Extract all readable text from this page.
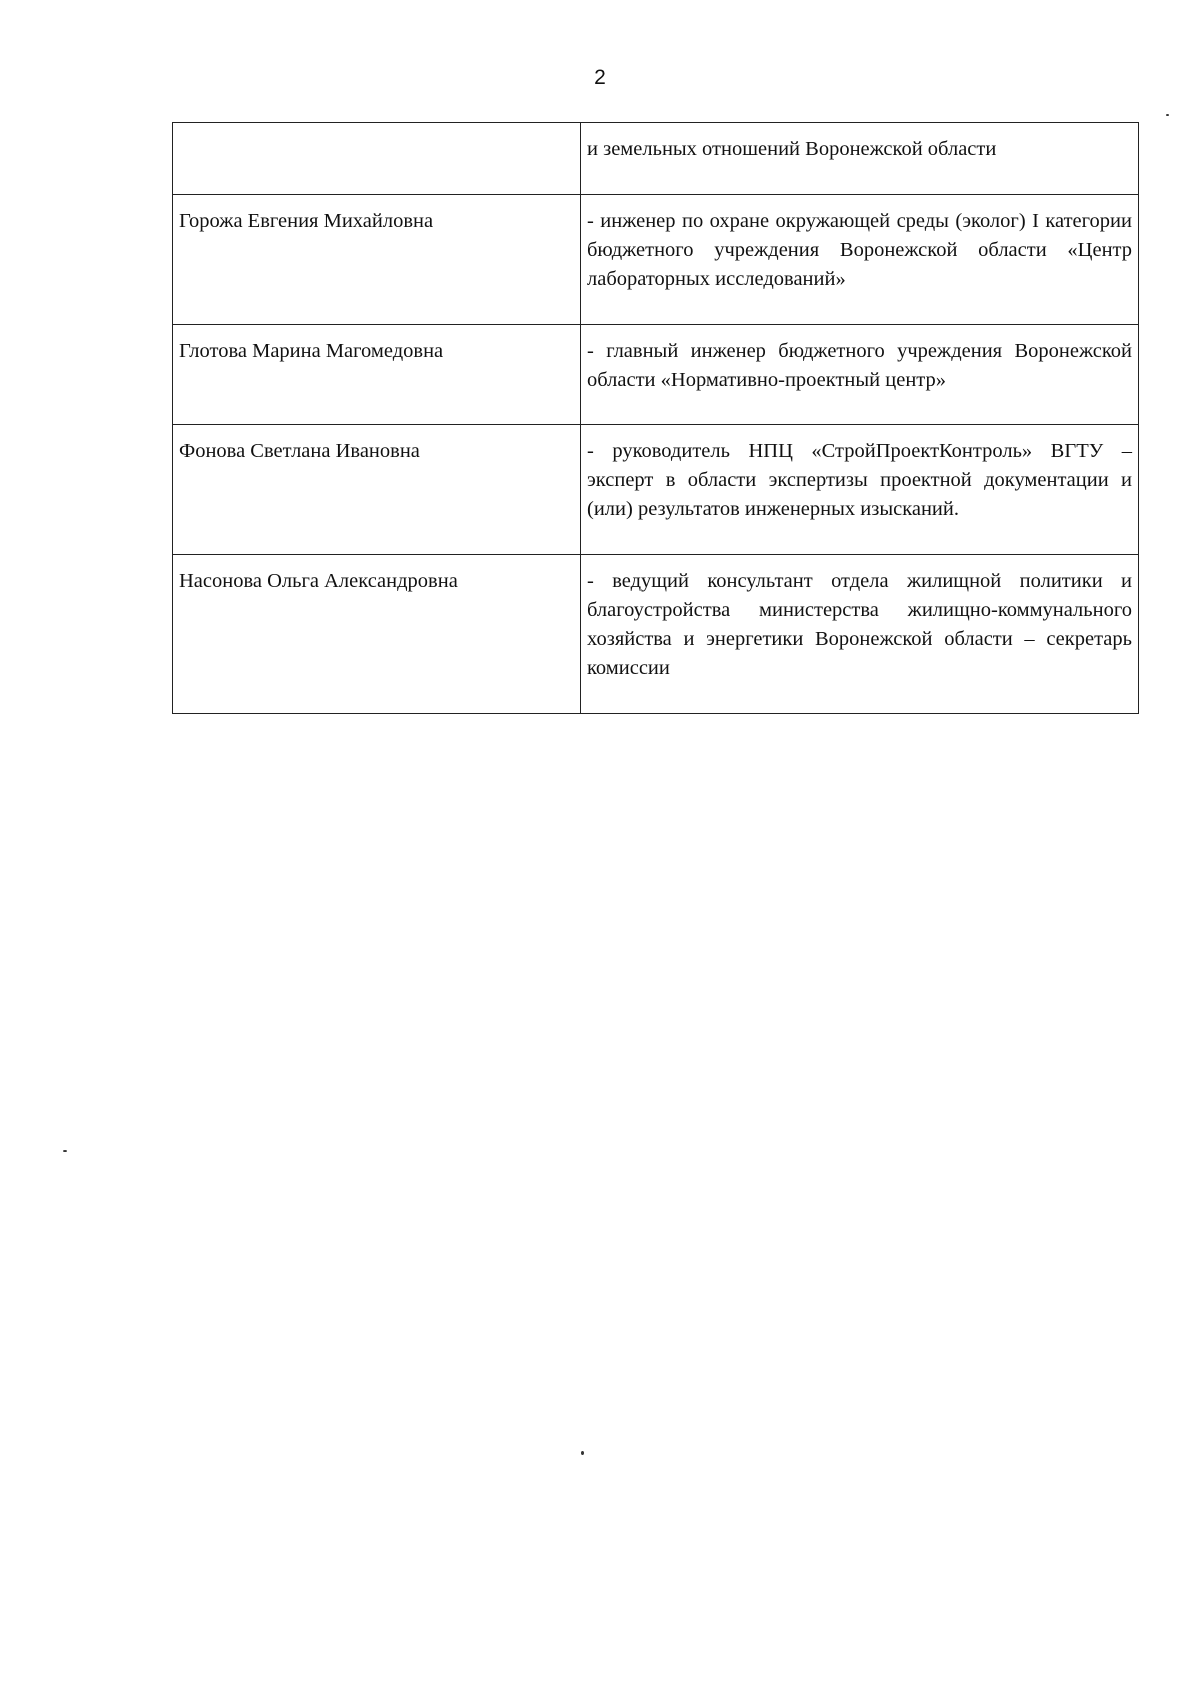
2
	и земельных отношений Воронежской области
Горожа Евгения Михайловна	- инженер по охране окружающей среды (эколог) I категории бюджетного учреждения Воронежской области «Центр лабораторных исследований»
Глотова Марина Магомедовна	- главный инженер бюджетного учреждения Воронежской области «Нормативно-проектный центр»
Фонова Светлана Ивановна	- руководитель НПЦ «СтройПроектКонтроль» ВГТУ – эксперт в области экспертизы проектной документации и (или) результатов инженерных изысканий.
Насонова Ольга Александровна	- ведущий консультант отдела жилищной политики и благоустройства министерства жилищно-коммунального хозяйства и энергетики Воронежской области – секретарь комиссии
